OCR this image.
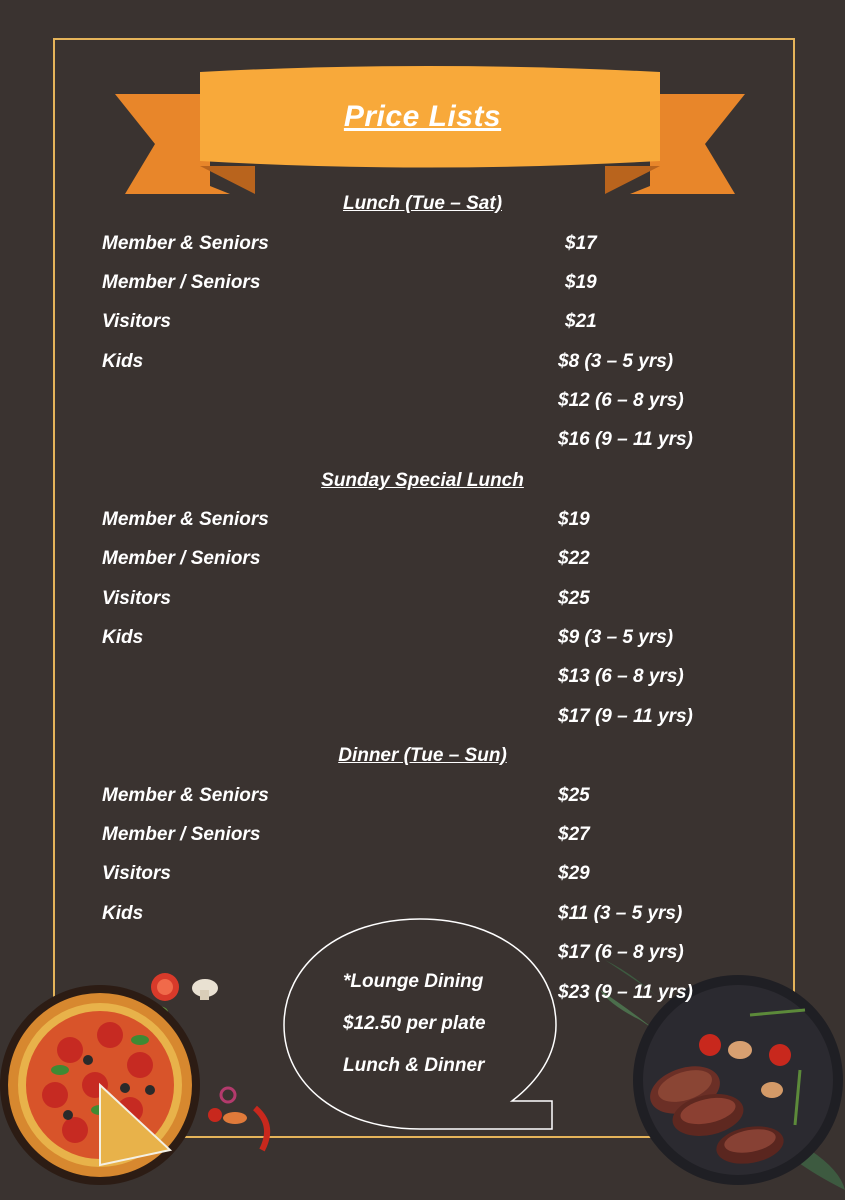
Price Lists
Lunch (Tue – Sat)
Member & Seniors	$17
Member / Seniors	$19
Visitors	$21
Kids	$8 (3 – 5 yrs)
$12 (6 – 8 yrs)
$16 (9 – 11 yrs)
Sunday Special Lunch
Member & Seniors	$19
Member / Seniors	$22
Visitors	$25
Kids	$9 (3 – 5 yrs)
$13 (6 – 8 yrs)
$17 (9 – 11 yrs)
Dinner (Tue – Sun)
Member & Seniors	$25
Member / Seniors	$27
Visitors	$29
Kids	$11 (3 – 5 yrs)
$17 (6 – 8 yrs)
$23 (9 – 11 yrs)
*Lounge Dining
$12.50 per plate
Lunch & Dinner
